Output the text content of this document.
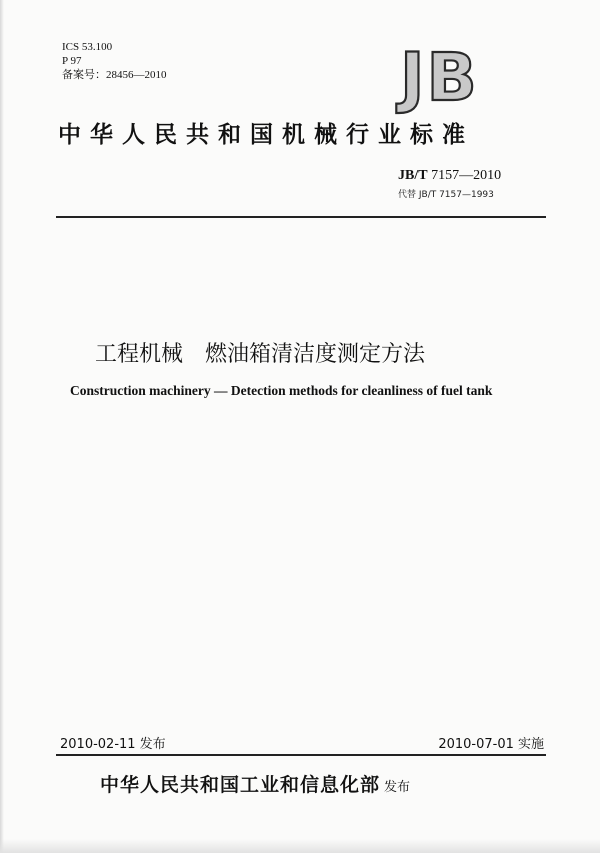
ICS 53.100
P 97
备案号：28456—2010	JB
中华人民共和国机械行业标准
JB/T 7157—2010
代替 JB/T 7157—1993
工程机械 燃油箱清洁度测定方法
Construction machinery — Detection methods for cleanliness of fuel tank
2010-02-11 发布	2010-07-01 实施
中华人民共和国工业和信息化部 发布
